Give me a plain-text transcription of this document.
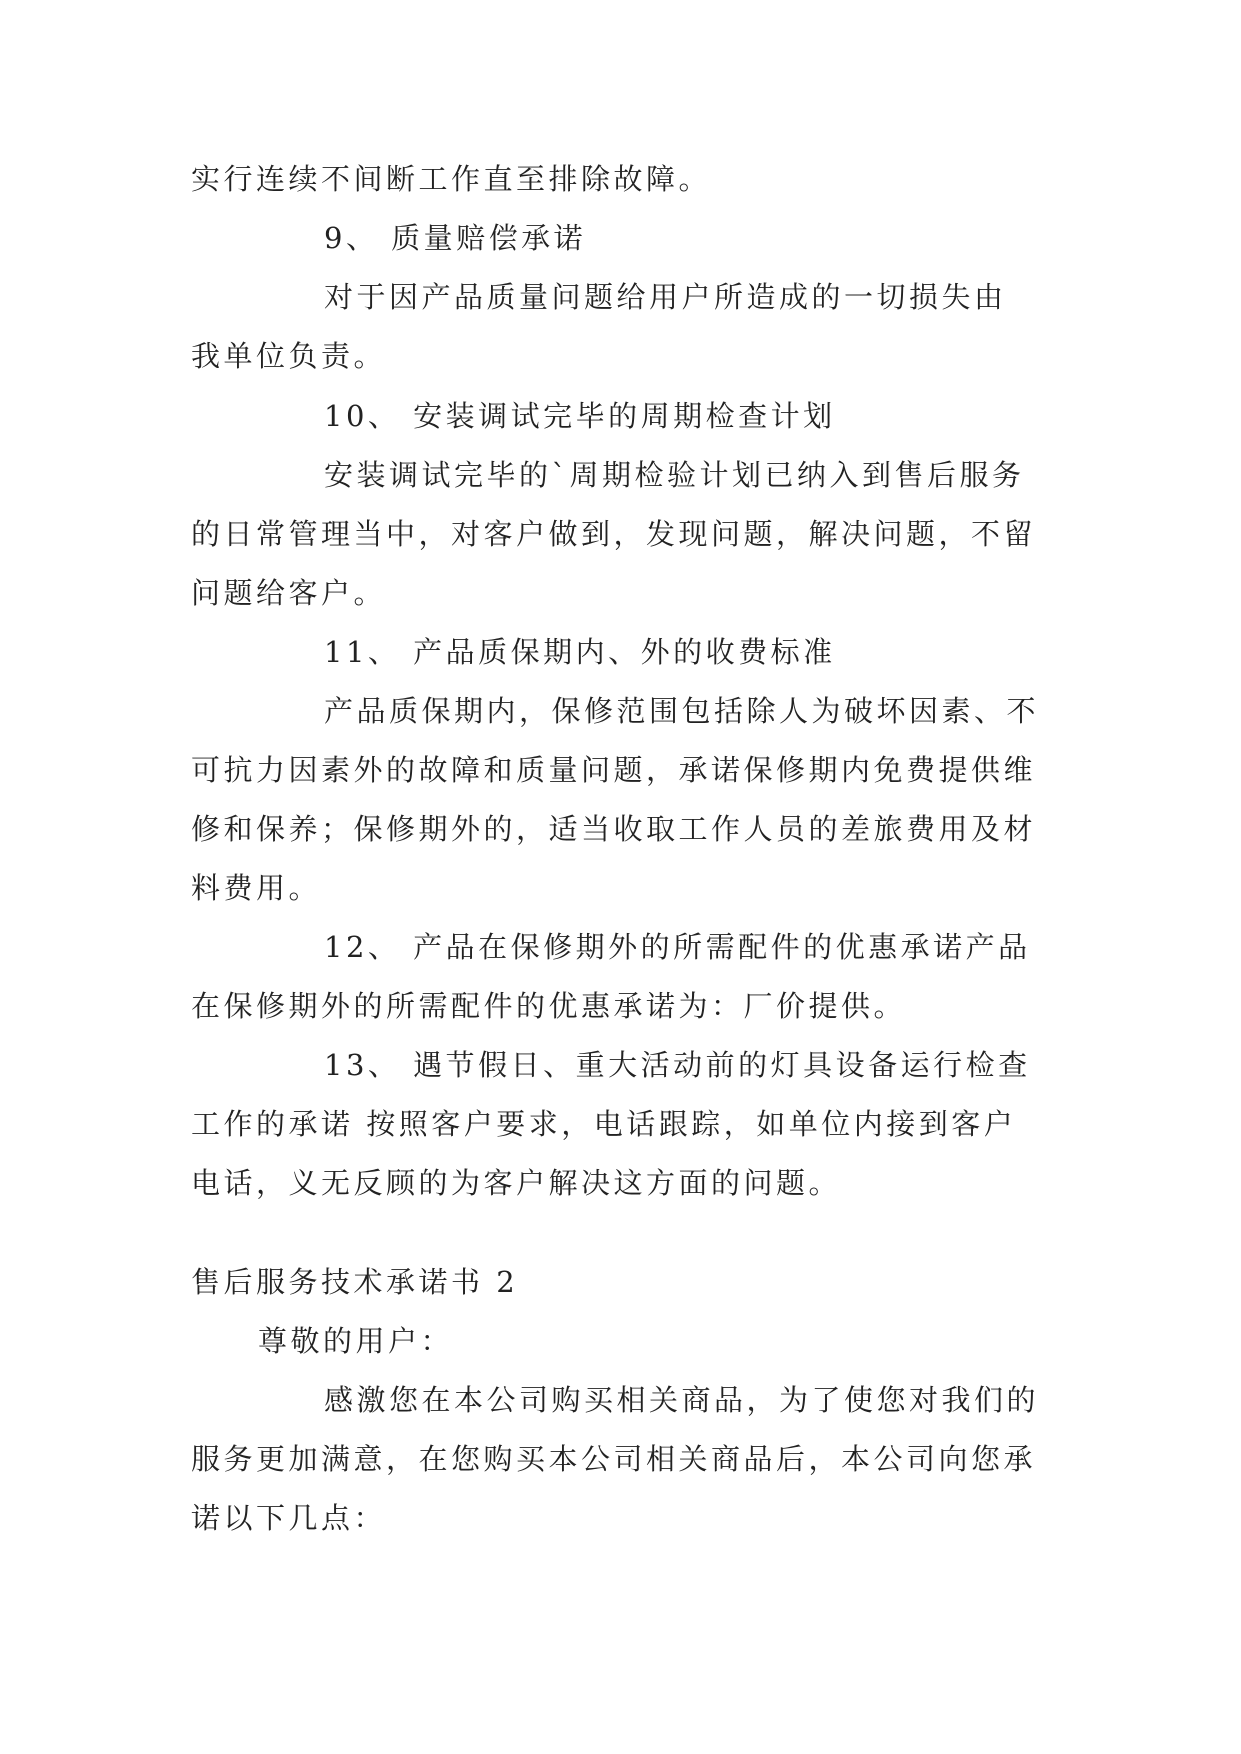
实行连续不间断工作直至排除故障。

9、 质量赔偿承诺

对于因产品质量问题给用户所造成的一切损失由

我单位负责。

10、 安装调试完毕的周期检查计划

安装调试完毕的`周期检验计划已纳入到售后服务

的日常管理当中，对客户做到，发现问题，解决问题，不留

问题给客户。

11、 产品质保期内、外的收费标准

产品质保期内，保修范围包括除人为破坏因素、不

可抗力因素外的故障和质量问题，承诺保修期内免费提供维

修和保养；保修期外的，适当收取工作人员的差旅费用及材

料费用。

12、 产品在保修期外的所需配件的优惠承诺产品

在保修期外的所需配件的优惠承诺为：厂价提供。

13、 遇节假日、重大活动前的灯具设备运行检查

工作的承诺 按照客户要求，电话跟踪，如单位内接到客户

电话，义无反顾的为客户解决这方面的问题。

售后服务技术承诺书 2

尊敬的用户：

感激您在本公司购买相关商品，为了使您对我们的

服务更加满意，在您购买本公司相关商品后，本公司向您承

诺以下几点：
